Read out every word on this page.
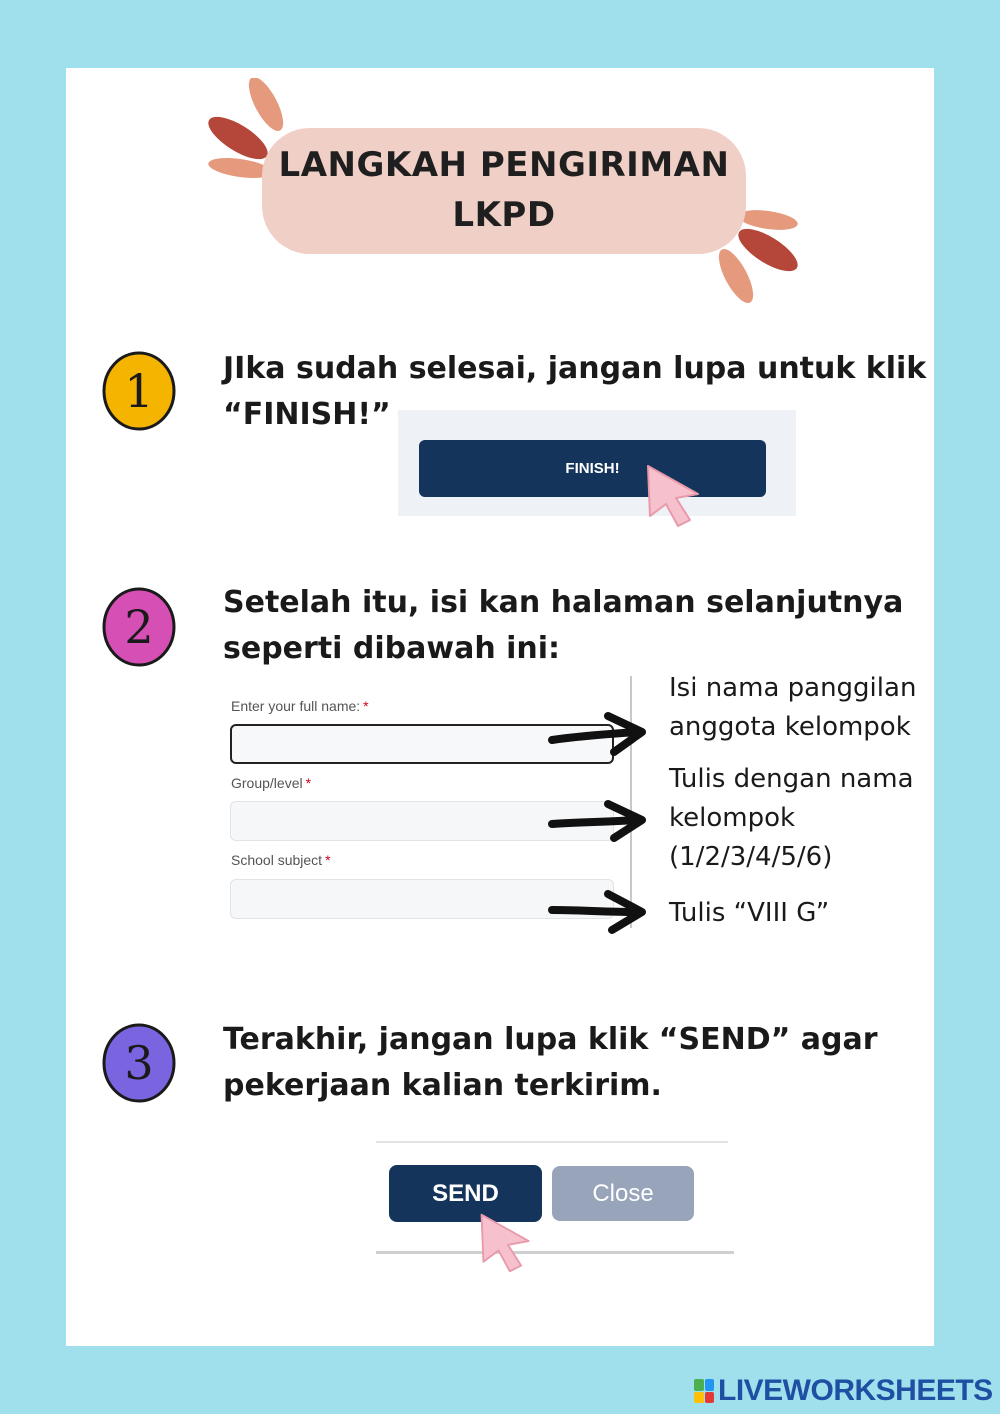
LANGKAH PENGIRIMAN
LKPD
1 JIka sudah selesai, jangan lupa untuk klik
“FINISH!”
FINISH!
2 Setelah itu, isi kan halaman selanjutnya
seperti dibawah ini:
Enter your full name: *
Group/level *
School subject *
Isi nama panggilan
anggota kelompok
Tulis dengan nama
kelompok
(1/2/3/4/5/6)
Tulis “VIII G”
3 Terakhir, jangan lupa klik “SEND” agar
pekerjaan kalian terkirim.
SEND	Close
LIVEWORKSHEETS
